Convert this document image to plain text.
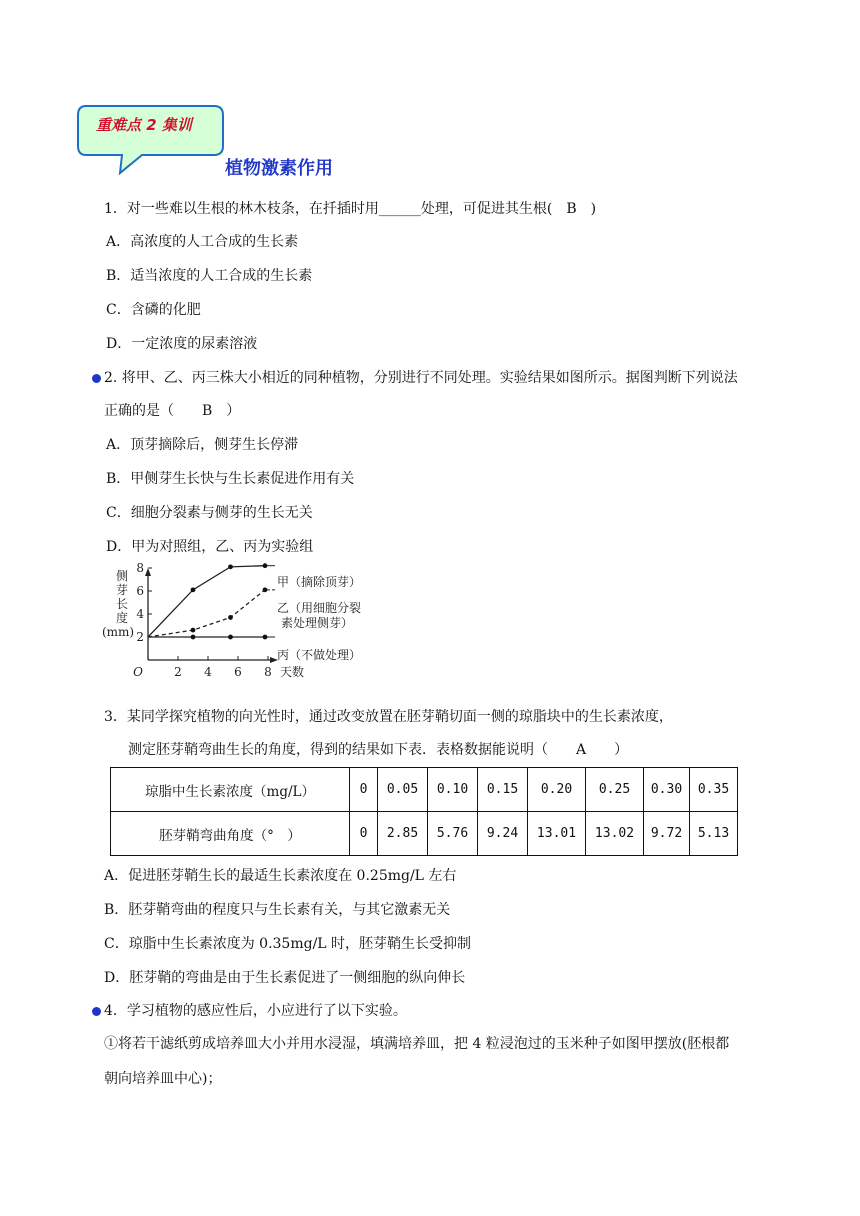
重难点 2 集训
植物激素作用
1．对一些难以生根的林木枝条，在扦插时用______处理，可促进其生根(　B　)
A．高浓度的人工合成的生长素
B．适当浓度的人工合成的生长素
C．含磷的化肥
D．一定浓度的尿素溶液
2. 将甲、乙、丙三株大小相近的同种植物，分别进行不同处理。实验结果如图所示。据图判断下列说法
正确的是（　　B　）
A．顶芽摘除后，侧芽生长停滞
B．甲侧芽生长快与生长素促进作用有关
C．细胞分裂素与侧芽的生长无关
D．甲为对照组，乙、丙为实验组
侧
芽
长
度
(mm) 2
4
6
8
2 4 6 8
O	天数
甲（摘除顶芽）
乙（用细胞分裂
素处理侧芽）
丙（不做处理）
3．某同学探究植物的向光性时，通过改变放置在胚芽鞘切面一侧的琼脂块中的生长素浓度，
测定胚芽鞘弯曲生长的角度，得到的结果如下表．表格数据能说明（　　A　　）
琼脂中生长素浓度（mg/L）	0	0.05	0.10	0.15	0.20	0.25	0.30	0.35
胚芽鞘弯曲角度（°　）	0	2.85	5.76	9.24	13.01	13.02	9.72	5.13
A．促进胚芽鞘生长的最适生长素浓度在 0.25mg/L 左右
B．胚芽鞘弯曲的程度只与生长素有关，与其它激素无关
C．琼脂中生长素浓度为 0.35mg/L 时，胚芽鞘生长受抑制
D．胚芽鞘的弯曲是由于生长素促进了一侧细胞的纵向伸长
4．学习植物的感应性后，小应进行了以下实验。
①将若干滤纸剪成培养皿大小并用水浸湿，填满培养皿，把 4 粒浸泡过的玉米种子如图甲摆放(胚根都
朝向培养皿中心)；
